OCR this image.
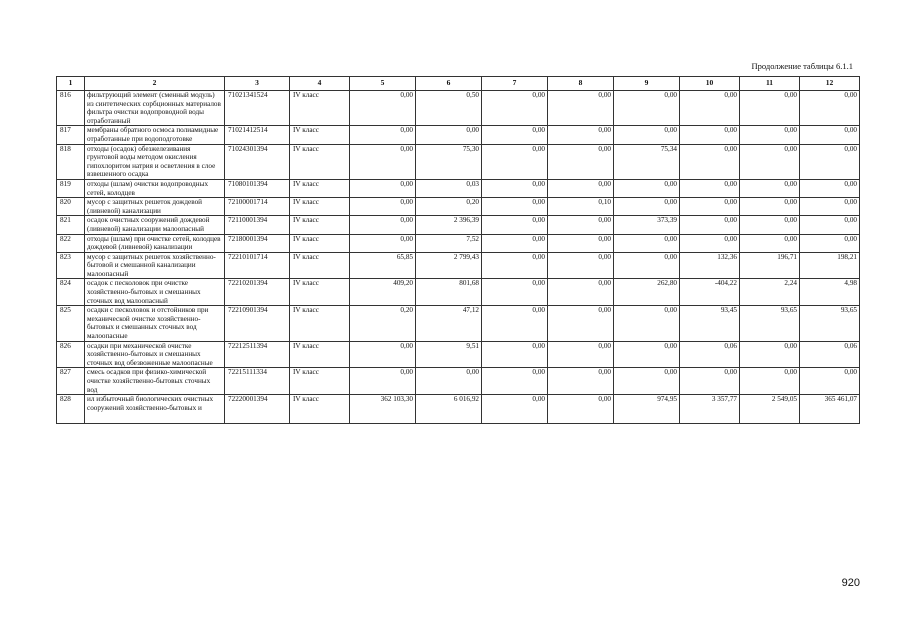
Продолжение таблицы 6.1.1
1	2	3	4	5	6	7	8	9	10	11	12
816	фильтрующий элемент (сменный модуль) из синтетических сорбционных материалов фильтра очистки водопроводной воды отработанный	71021341524	IV класс	0,00	0,50	0,00	0,00	0,00	0,00	0,00	0,00
817	мембраны обратного осмоса полиамидные отработанные при водоподготовке	71021412514	IV класс	0,00	0,00	0,00	0,00	0,00	0,00	0,00	0,00
818	отходы (осадок) обезжелезивания грунтовой воды методом окисления гипохлоритом натрия и осветления в слое взвешенного осадка	71024301394	IV класс	0,00	75,30	0,00	0,00	75,34	0,00	0,00	0,00
819	отходы (шлам) очистки водопроводных сетей, колодцев	71080101394	IV класс	0,00	0,03	0,00	0,00	0,00	0,00	0,00	0,00
820	мусор с защитных решеток дождевой (ливневой) канализации	72100001714	IV класс	0,00	0,20	0,00	0,10	0,00	0,00	0,00	0,00
821	осадок очистных сооружений дождевой (ливневой) канализации малоопасный	72110001394	IV класс	0,00	2 396,39	0,00	0,00	373,39	0,00	0,00	0,00
822	отходы (шлам) при очистке сетей, колодцев дождевой (ливневой) канализации	72180001394	IV класс	0,00	7,52	0,00	0,00	0,00	0,00	0,00	0,00
823	мусор с защитных решеток хозяйственно-бытовой и смешанной канализации малоопасный	72210101714	IV класс	65,85	2 799,43	0,00	0,00	0,00	132,36	196,71	198,21
824	осадок с песколовок при очистке хозяйственно-бытовых и смешанных сточных вод малоопасный	72210201394	IV класс	409,20	801,68	0,00	0,00	262,80	-404,22	2,24	4,98
825	осадки с песколовок и отстойников при механической очистке хозяйственно-бытовых и смешанных сточных вод малоопасные	72210901394	IV класс	0,20	47,12	0,00	0,00	0,00	93,45	93,65	93,65
826	осадки при механической очистке хозяйственно-бытовых и смешанных сточных вод обезвоженные малоопасные	72212511394	IV класс	0,00	9,51	0,00	0,00	0,00	0,06	0,00	0,06
827	смесь осадков при физико-химической очистке хозяйственно-бытовых сточных вод	72215111334	IV класс	0,00	0,00	0,00	0,00	0,00	0,00	0,00	0,00
828	ил избыточный биологических очистных сооружений хозяйственно-бытовых и	72220001394	IV класс	362 103,30	6 016,92	0,00	0,00	974,95	3 357,77	2 549,05	365 461,07
920
